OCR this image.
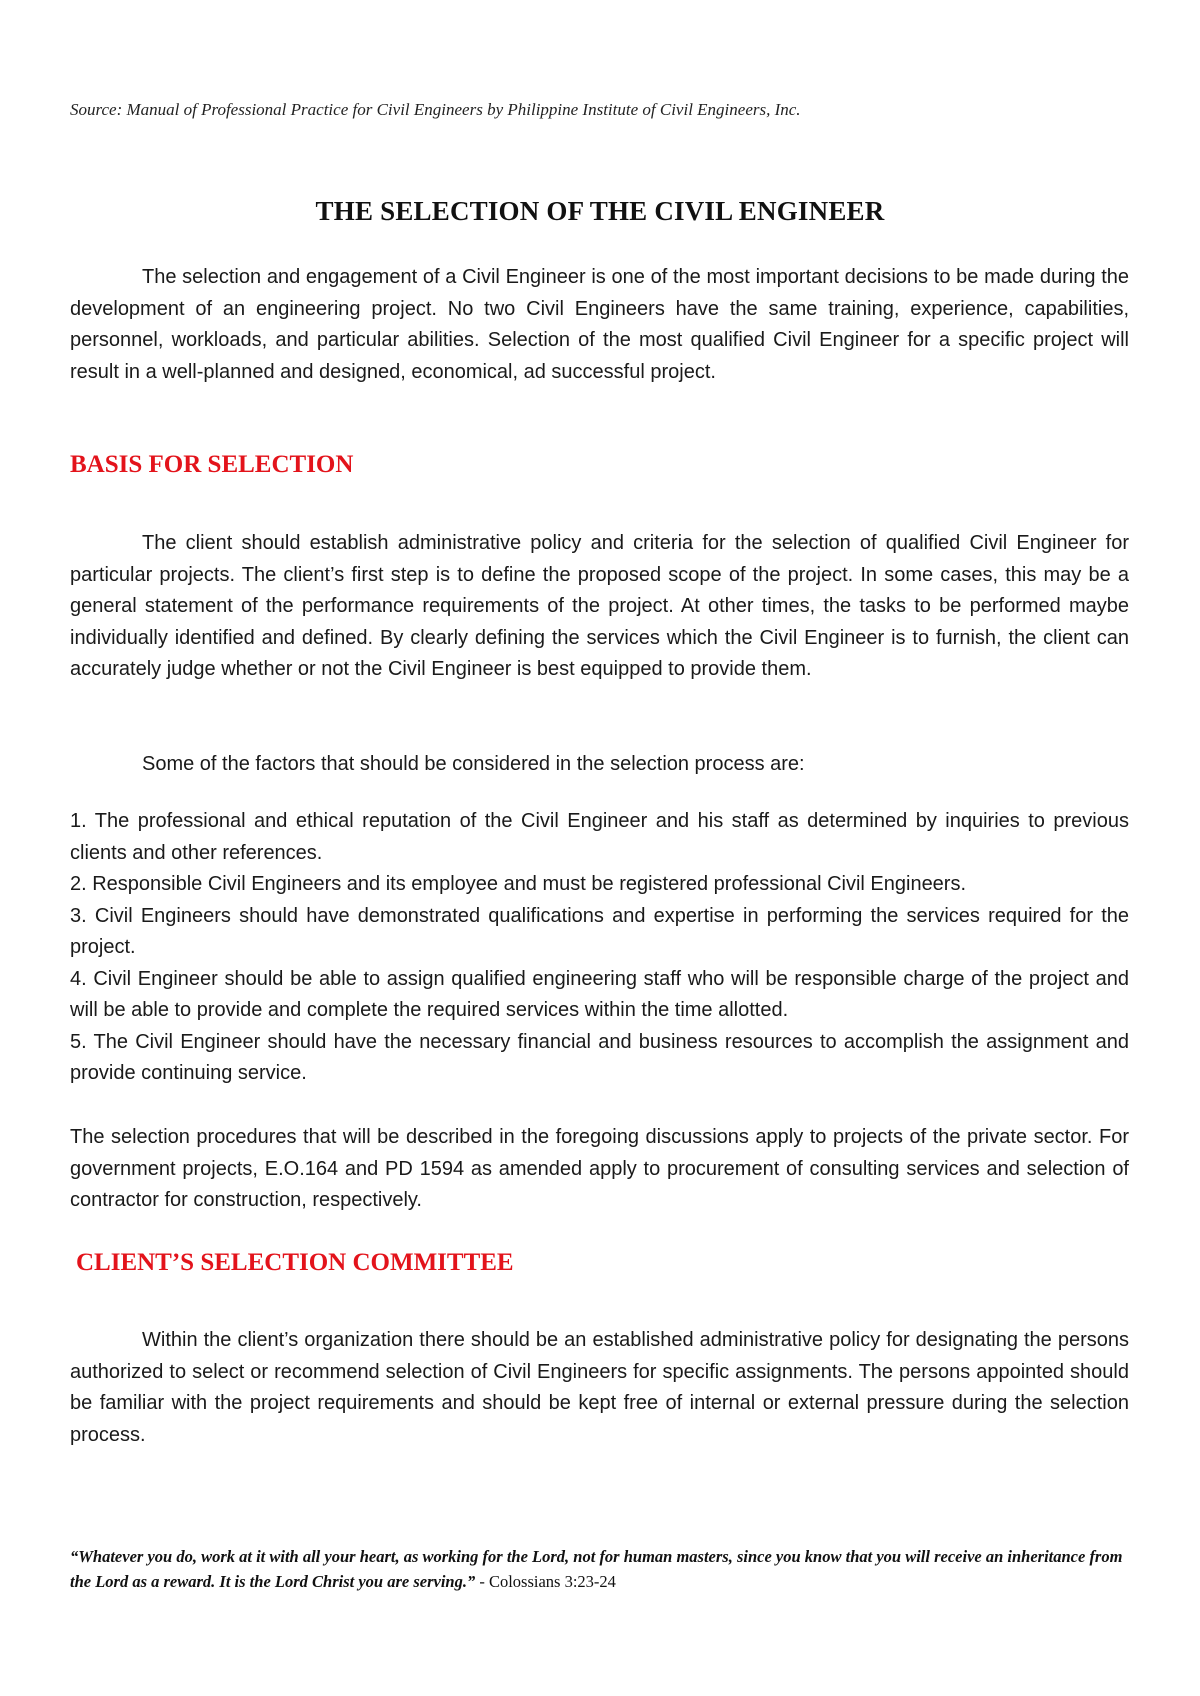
Source: Manual of Professional Practice for Civil Engineers by Philippine Institute of Civil Engineers, Inc.
THE SELECTION OF THE CIVIL ENGINEER

The selection and engagement of a Civil Engineer is one of the most important decisions to be made during the development of an engineering project. No two Civil Engineers have the same training, experience, capabilities, personnel, workloads, and particular abilities. Selection of the most qualified Civil Engineer for a specific project will result in a well-planned and designed, economical, ad successful project.

BASIS FOR SELECTION

The client should establish administrative policy and criteria for the selection of qualified Civil Engineer for particular projects. The client’s first step is to define the proposed scope of the project. In some cases, this may be a general statement of the performance requirements of the project. At other times, the tasks to be performed maybe individually identified and defined. By clearly defining the services which the Civil Engineer is to furnish, the client can accurately judge whether or not the Civil Engineer is best equipped to provide them.

Some of the factors that should be considered in the selection process are:

1. The professional and ethical reputation of the Civil Engineer and his staff as determined by inquiries to previous clients and other references.
2. Responsible Civil Engineers and its employee and must be registered professional Civil Engineers.
3. Civil Engineers should have demonstrated qualifications and expertise in performing the services required for the project.
4. Civil Engineer should be able to assign qualified engineering staff who will be responsible charge of the project and will be able to provide and complete the required services within the time allotted.
5. The Civil Engineer should have the necessary financial and business resources to accomplish the assignment and provide continuing service.

The selection procedures that will be described in the foregoing discussions apply to projects of the private sector. For government projects, E.O.164 and PD 1594 as amended apply to procurement of consulting services and selection of contractor for construction, respectively.

CLIENT’S SELECTION COMMITTEE

Within the client’s organization there should be an established administrative policy for designating the persons authorized to select or recommend selection of Civil Engineers for specific assignments. The persons appointed should be familiar with the project requirements and should be kept free of internal or external pressure during the selection process.

“Whatever you do, work at it with all your heart, as working for the Lord, not for human masters, since you know that you will receive an inheritance from the Lord as a reward. It is the Lord Christ you are serving.” - Colossians 3:23-24
